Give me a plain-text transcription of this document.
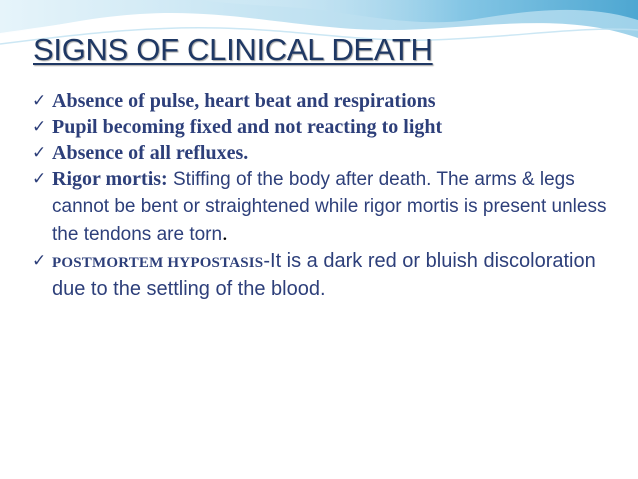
SIGNS OF CLINICAL DEATH
✓ Absence of pulse, heart beat and respirations
✓ Pupil becoming fixed and not reacting to light
✓ Absence of all refluxes.
✓ Rigor mortis: Stiffing of the body after death. The arms & legs cannot be bent or straightened while rigor mortis is present unless the tendons are torn.
✓ POSTMORTEM HYPOSTASIS-It is a dark red or bluish discoloration due to the settling of the blood.
